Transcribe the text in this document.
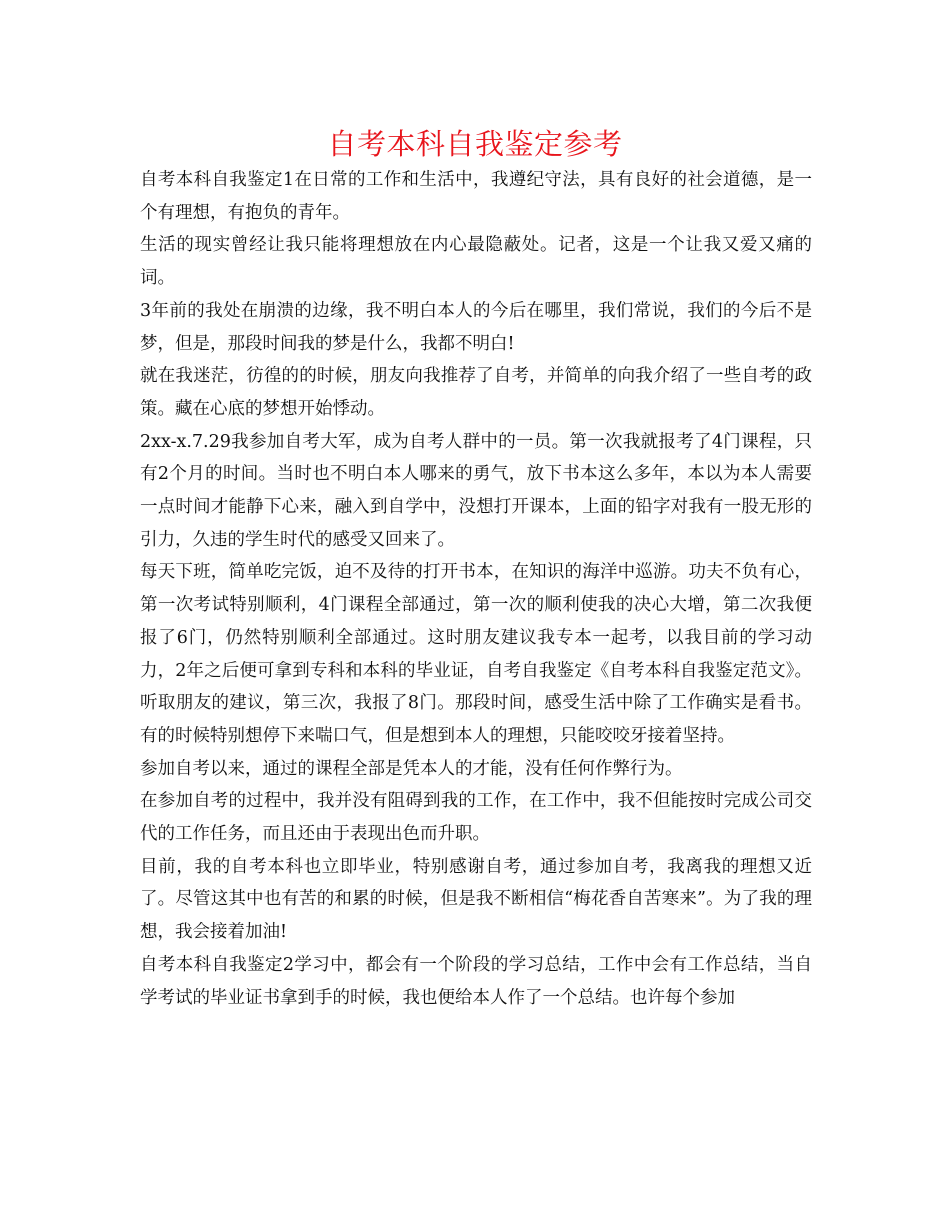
自考本科自我鉴定参考

自考本科自我鉴定1在日常的工作和生活中，我遵纪守法，具有良好的社会道德，是一个有理想，有抱负的青年。

生活的现实曾经让我只能将理想放在内心最隐蔽处。记者，这是一个让我又爱又痛的词。

3年前的我处在崩溃的边缘，我不明白本人的今后在哪里，我们常说，我们的今后不是梦，但是，那段时间我的梦是什么，我都不明白!

就在我迷茫，彷徨的的时候，朋友向我推荐了自考，并简单的向我介绍了一些自考的政策。藏在心底的梦想开始悸动。

2xx-x.7.29我参加自考大军，成为自考人群中的一员。第一次我就报考了4门课程，只有2个月的时间。当时也不明白本人哪来的勇气，放下书本这么多年，本以为本人需要一点时间才能静下心来，融入到自学中，没想打开课本，上面的铅字对我有一股无形的引力，久违的学生时代的感受又回来了。

每天下班，简单吃完饭，迫不及待的打开书本，在知识的海洋中巡游。功夫不负有心，第一次考试特别顺利，4门课程全部通过，第一次的顺利使我的决心大增，第二次我便报了6门，仍然特别顺利全部通过。这时朋友建议我专本一起考，以我目前的学习动力，2年之后便可拿到专科和本科的毕业证，自考自我鉴定《自考本科自我鉴定范文》。听取朋友的建议，第三次，我报了8门。那段时间，感受生活中除了工作确实是看书。有的时候特别想停下来喘口气，但是想到本人的理想，只能咬咬牙接着坚持。

参加自考以来，通过的课程全部是凭本人的才能，没有任何作弊行为。

在参加自考的过程中，我并没有阻碍到我的工作，在工作中，我不但能按时完成公司交代的工作任务，而且还由于表现出色而升职。

目前，我的自考本科也立即毕业，特别感谢自考，通过参加自考，我离我的理想又近了。尽管这其中也有苦的和累的时候，但是我不断相信“梅花香自苦寒来”。为了我的理想，我会接着加油!

自考本科自我鉴定2学习中，都会有一个阶段的学习总结，工作中会有工作总结，当自学考试的毕业证书拿到手的时候，我也便给本人作了一个总结。也许每个参加
